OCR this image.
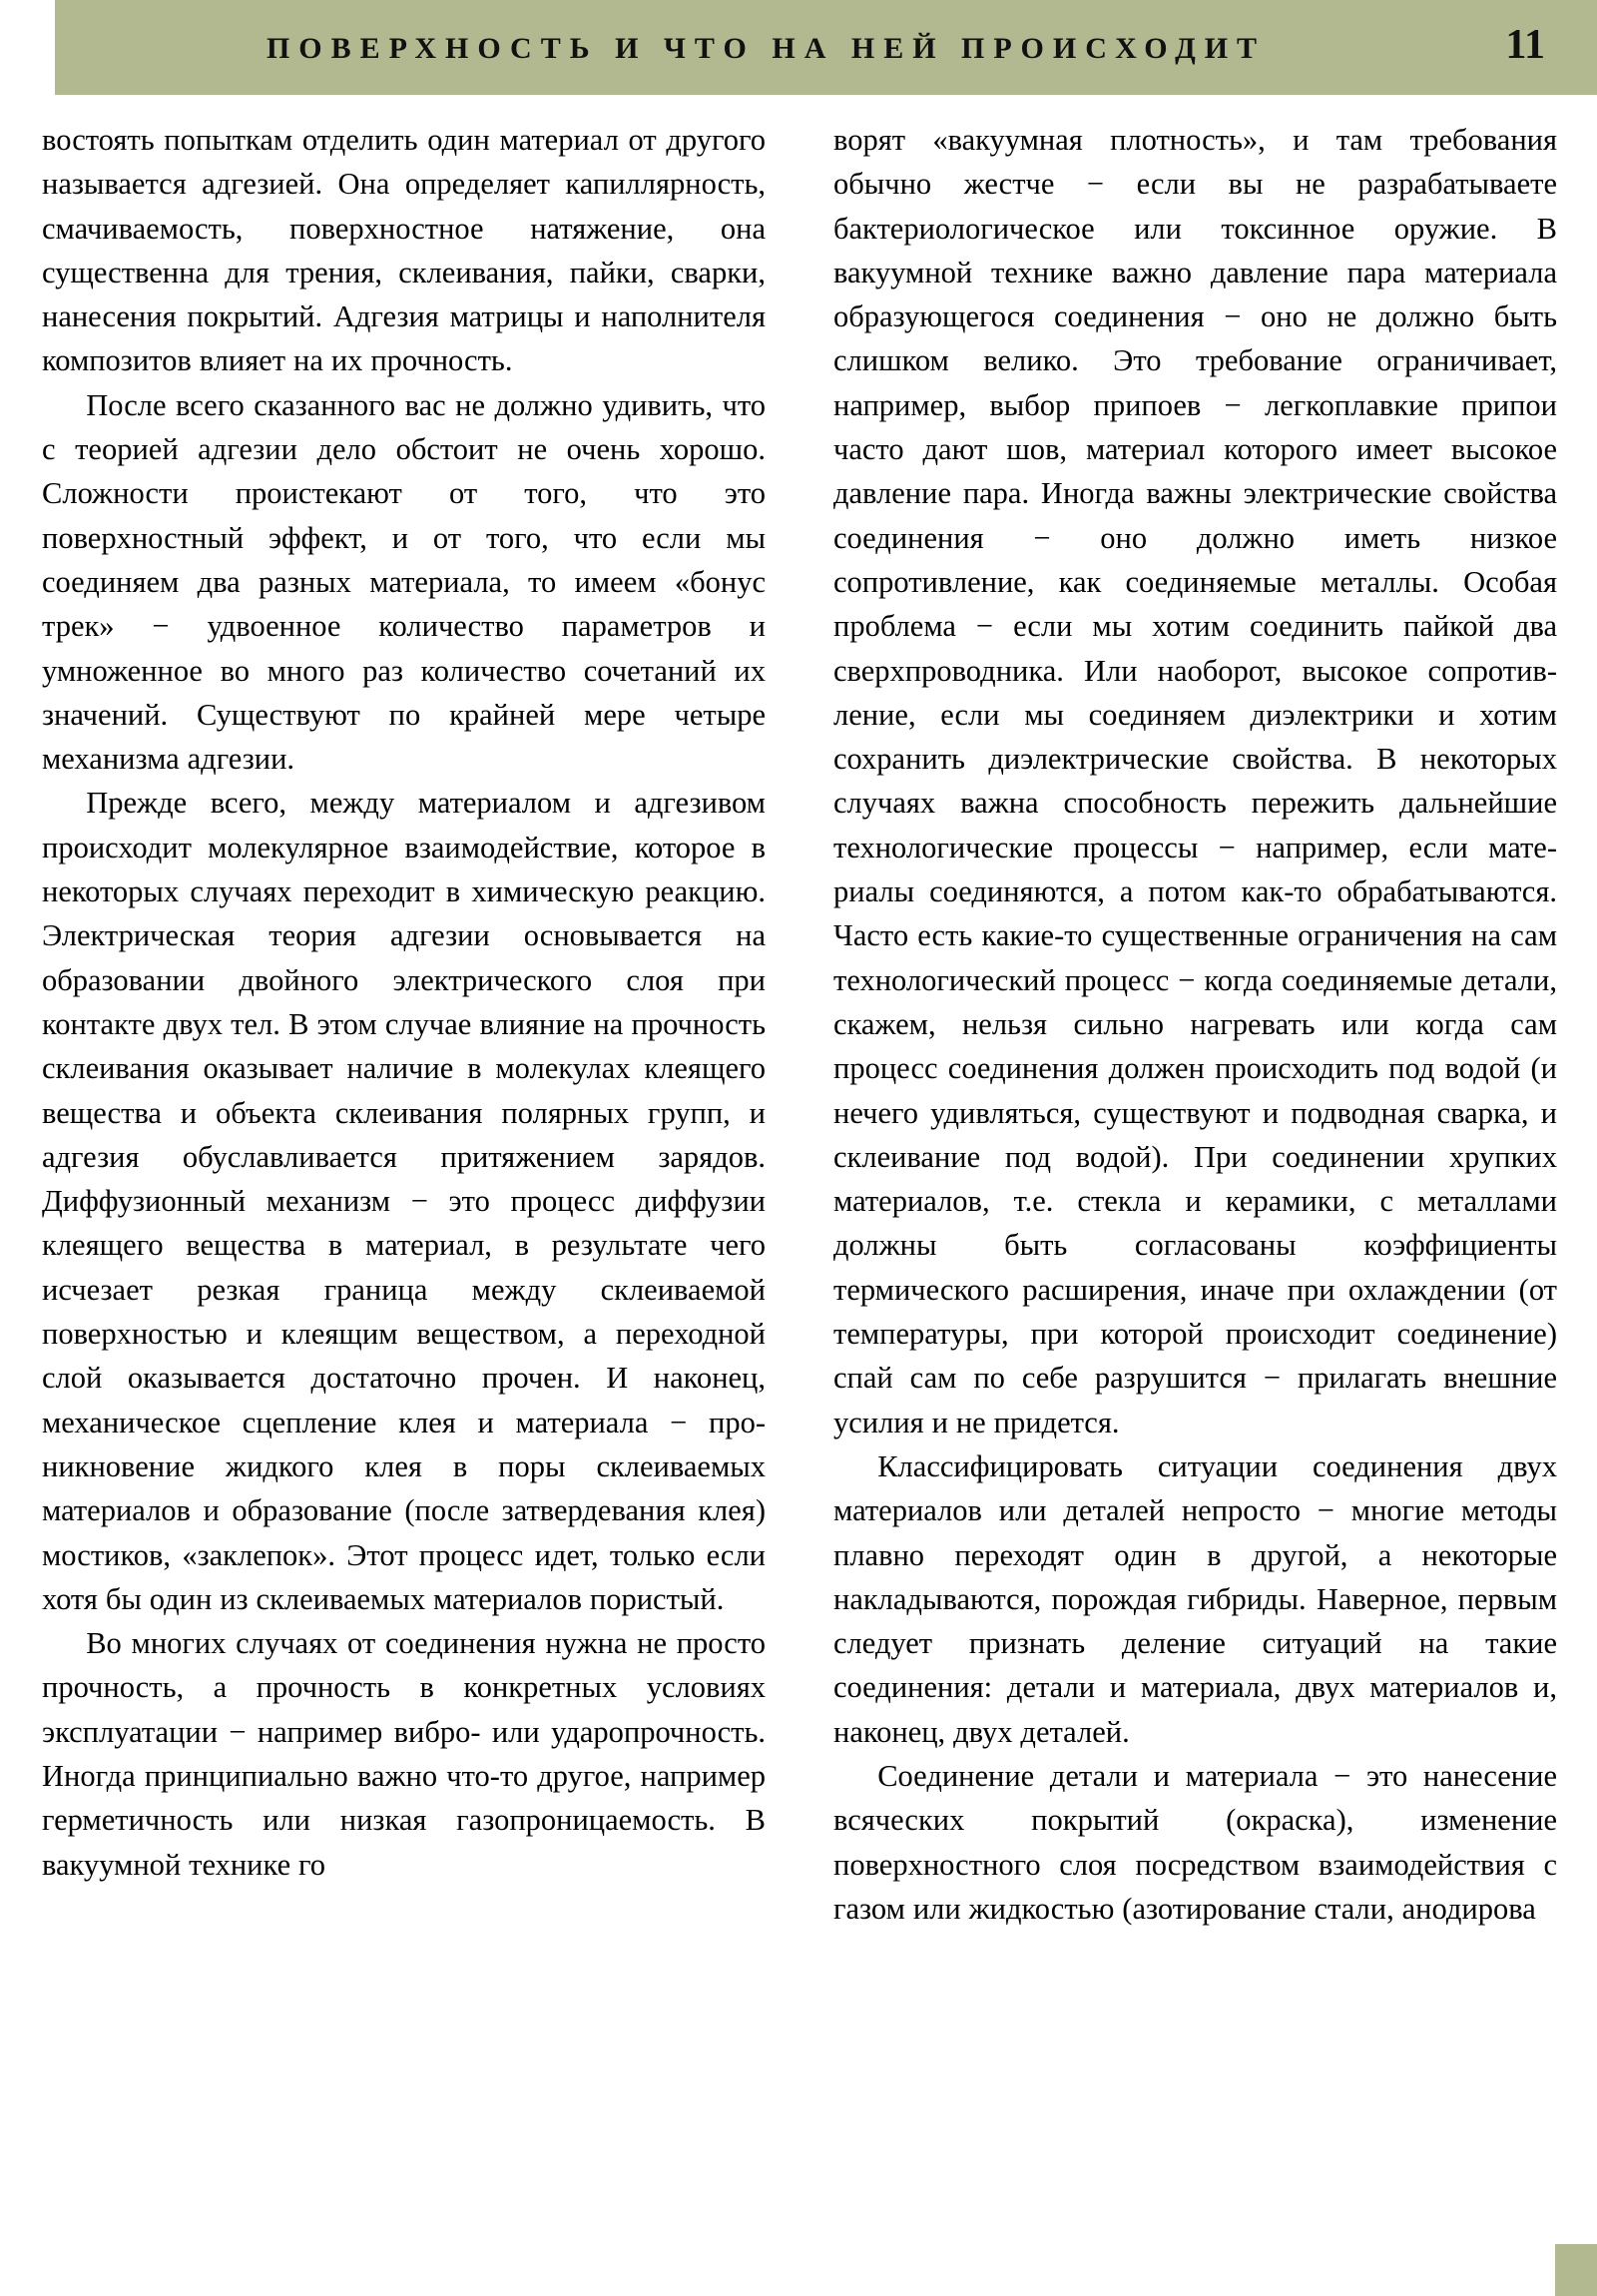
ПОВЕРХНОСТЬ И ЧТО НА НЕЙ ПРОИСХОДИТ	11

востоять попыткам отделить один материал от другого называется адгезией. Она определяет капиллярность, смачиваемость, поверхностное натяжение, она существенна для трения, склеивания, пайки, сварки, нанесения покрытий. Адгезия матрицы и наполнителя композитов влияет на их прочность.

После всего сказанного вас не должно удивить, что с теорией адгезии дело обстоит не очень хорошо. Сложности проистекают от того, что это поверхностный эффект, и от того, что если мы соединяем два разных материала, то имеем «бонус трек» − удвоенное количество параметров и умноженное во много раз количество сочетаний их значений. Существуют по крайней мере четыре механизма адгезии.

Прежде всего, между материалом и адгезивом происходит молекулярное взаимодействие, которое в некоторых случаях переходит в химическую реакцию. Электрическая теория адгезии основывается на образовании двойного электрического слоя при контакте двух тел. В этом случае влияние на прочность склеивания оказывает наличие в молекулах клеящего вещества и объекта склеивания полярных групп, и адгезия обуславливается притяжением зарядов. Диффузионный механизм − это процесс диффузии клеящего вещества в материал, в результате чего исчезает резкая граница между склеиваемой поверхностью и клеящим веществом, а переходной слой оказывается достаточно прочен. И наконец, механическое сцепление клея и материала − проникновение жидкого клея в поры склеиваемых материалов и образование (после затвердевания клея) мостиков, «заклепок». Этот процесс идет, только если хотя бы один из склеиваемых материалов пористый.

Во многих случаях от соединения нужна не просто прочность, а прочность в конкретных условиях эксплуатации − например вибро- или ударопрочность. Иногда принципиально важно что-то другое, например герметичность или низкая газопроницаемость. В вакуумной технике го

ворят «вакуумная плотность», и там требования обычно жестче − если вы не разрабатываете бактериологическое или токсинное оружие. В вакуумной технике важно давление пара материала образующегося соединения − оно не должно быть слишком велико. Это требование ограничивает, например, выбор припоев − легкоплавкие припои часто дают шов, материал которого имеет высокое давление пара. Иногда важны электрические свойства соединения − оно должно иметь низкое сопротивление, как соединяемые металлы. Особая проблема − если мы хотим соединить пайкой два сверхпроводника. Или наоборот, высокое сопротивление, если мы соединяем диэлектрики и хотим сохранить диэлектрические свойства. В некоторых случаях важна способность пережить дальнейшие технологические процессы − например, если материалы соединяются, а потом как-то обрабатываются. Часто есть какие-то существенные ограничения на сам технологический процесс − когда соединяемые детали, скажем, нельзя сильно нагревать или когда сам процесс соединения должен происходить под водой (и нечего удивляться, существуют и подводная сварка, и склеивание под водой). При соединении хрупких материалов, т.е. стекла и керамики, с металлами должны быть согласованы коэффициенты термического расширения, иначе при охлаждении (от температуры, при которой происходит соединение) спай сам по себе разрушится − прилагать внешние усилия и не придется.

Классифицировать ситуации соединения двух материалов или деталей непросто − многие методы плавно переходят один в другой, а некоторые накладываются, порождая гибриды. Наверное, первым следует признать деление ситуаций на такие соединения: детали и материала, двух материалов и, наконец, двух деталей.

Соединение детали и материала − это нанесение всяческих покрытий (окраска), изменение поверхностного слоя посредством взаимодействия с газом или жидкостью (азотирование стали, анодирова
